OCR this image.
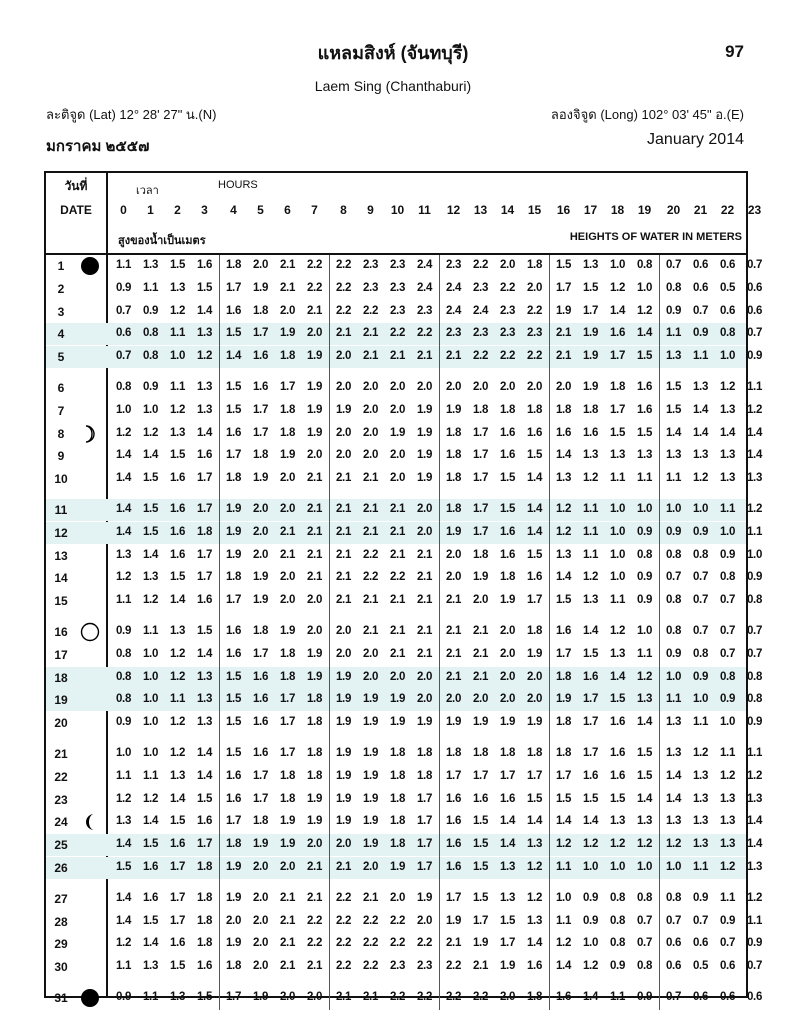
แหลมสิงห์ (จันทบุรี)	97
Laem Sing (Chanthaburi)
ละติจูด (Lat) 12° 28' 27" น.(N)	ลองจิจูด (Long) 102° 03' 45" อ.(E)
มกราคม ๒๕๕๗	January 2014
วันที่
DATE
เวลา	HOURS
สูงของน้ำเป็นเมตร	HEIGHTS OF WATER IN METERS
0	1	2	3	4	5	6	7	8	9	10	11	12	13	14	15	16	17	18	19	20	21	22	23
1	1.1	1.3	1.5	1.6	1.8	2.0	2.1	2.2	2.2	2.3	2.3	2.4	2.3	2.2	2.0	1.8	1.5	1.3	1.0	0.8	0.7	0.6	0.6	0.7
2	0.9	1.1	1.3	1.5	1.7	1.9	2.1	2.2	2.2	2.3	2.3	2.4	2.4	2.3	2.2	2.0	1.7	1.5	1.2	1.0	0.8	0.6	0.5	0.6
3	0.7	0.9	1.2	1.4	1.6	1.8	2.0	2.1	2.2	2.2	2.3	2.3	2.4	2.4	2.3	2.2	1.9	1.7	1.4	1.2	0.9	0.7	0.6	0.6
4	0.6	0.8	1.1	1.3	1.5	1.7	1.9	2.0	2.1	2.1	2.2	2.2	2.3	2.3	2.3	2.3	2.1	1.9	1.6	1.4	1.1	0.9	0.8	0.7
5	0.7	0.8	1.0	1.2	1.4	1.6	1.8	1.9	2.0	2.1	2.1	2.1	2.1	2.2	2.2	2.2	2.1	1.9	1.7	1.5	1.3	1.1	1.0	0.9
6	0.8	0.9	1.1	1.3	1.5	1.6	1.7	1.9	2.0	2.0	2.0	2.0	2.0	2.0	2.0	2.0	2.0	1.9	1.8	1.6	1.5	1.3	1.2	1.1
7	1.0	1.0	1.2	1.3	1.5	1.7	1.8	1.9	1.9	2.0	2.0	1.9	1.9	1.8	1.8	1.8	1.8	1.8	1.7	1.6	1.5	1.4	1.3	1.2
8	1.2	1.2	1.3	1.4	1.6	1.7	1.8	1.9	2.0	2.0	1.9	1.9	1.8	1.7	1.6	1.6	1.6	1.6	1.5	1.5	1.4	1.4	1.4	1.4
9	1.4	1.4	1.5	1.6	1.7	1.8	1.9	2.0	2.0	2.0	2.0	1.9	1.8	1.7	1.6	1.5	1.4	1.3	1.3	1.3	1.3	1.3	1.3	1.4
10	1.4	1.5	1.6	1.7	1.8	1.9	2.0	2.1	2.1	2.1	2.0	1.9	1.8	1.7	1.5	1.4	1.3	1.2	1.1	1.1	1.1	1.2	1.3	1.3
11	1.4	1.5	1.6	1.7	1.9	2.0	2.0	2.1	2.1	2.1	2.1	2.0	1.8	1.7	1.5	1.4	1.2	1.1	1.0	1.0	1.0	1.0	1.1	1.2
12	1.4	1.5	1.6	1.8	1.9	2.0	2.1	2.1	2.1	2.1	2.1	2.0	1.9	1.7	1.6	1.4	1.2	1.1	1.0	0.9	0.9	0.9	1.0	1.1
13	1.3	1.4	1.6	1.7	1.9	2.0	2.1	2.1	2.1	2.2	2.1	2.1	2.0	1.8	1.6	1.5	1.3	1.1	1.0	0.8	0.8	0.8	0.9	1.0
14	1.2	1.3	1.5	1.7	1.8	1.9	2.0	2.1	2.1	2.2	2.2	2.1	2.0	1.9	1.8	1.6	1.4	1.2	1.0	0.9	0.7	0.7	0.8	0.9
15	1.1	1.2	1.4	1.6	1.7	1.9	2.0	2.0	2.1	2.1	2.1	2.1	2.1	2.0	1.9	1.7	1.5	1.3	1.1	0.9	0.8	0.7	0.7	0.8
16	0.9	1.1	1.3	1.5	1.6	1.8	1.9	2.0	2.0	2.1	2.1	2.1	2.1	2.1	2.0	1.8	1.6	1.4	1.2	1.0	0.8	0.7	0.7	0.7
17	0.8	1.0	1.2	1.4	1.6	1.7	1.8	1.9	2.0	2.0	2.1	2.1	2.1	2.1	2.0	1.9	1.7	1.5	1.3	1.1	0.9	0.8	0.7	0.7
18	0.8	1.0	1.2	1.3	1.5	1.6	1.8	1.9	1.9	2.0	2.0	2.0	2.1	2.1	2.0	2.0	1.8	1.6	1.4	1.2	1.0	0.9	0.8	0.8
19	0.8	1.0	1.1	1.3	1.5	1.6	1.7	1.8	1.9	1.9	1.9	2.0	2.0	2.0	2.0	2.0	1.9	1.7	1.5	1.3	1.1	1.0	0.9	0.8
20	0.9	1.0	1.2	1.3	1.5	1.6	1.7	1.8	1.9	1.9	1.9	1.9	1.9	1.9	1.9	1.9	1.8	1.7	1.6	1.4	1.3	1.1	1.0	0.9
21	1.0	1.0	1.2	1.4	1.5	1.6	1.7	1.8	1.9	1.9	1.8	1.8	1.8	1.8	1.8	1.8	1.8	1.7	1.6	1.5	1.3	1.2	1.1	1.1
22	1.1	1.1	1.3	1.4	1.6	1.7	1.8	1.8	1.9	1.9	1.8	1.8	1.7	1.7	1.7	1.7	1.7	1.6	1.6	1.5	1.4	1.3	1.2	1.2
23	1.2	1.2	1.4	1.5	1.6	1.7	1.8	1.9	1.9	1.9	1.8	1.7	1.6	1.6	1.6	1.5	1.5	1.5	1.5	1.4	1.4	1.3	1.3	1.3
24	1.3	1.4	1.5	1.6	1.7	1.8	1.9	1.9	1.9	1.9	1.8	1.7	1.6	1.5	1.4	1.4	1.4	1.4	1.3	1.3	1.3	1.3	1.3	1.4
25	1.4	1.5	1.6	1.7	1.8	1.9	1.9	2.0	2.0	1.9	1.8	1.7	1.6	1.5	1.4	1.3	1.2	1.2	1.2	1.2	1.2	1.3	1.3	1.4
26	1.5	1.6	1.7	1.8	1.9	2.0	2.0	2.1	2.1	2.0	1.9	1.7	1.6	1.5	1.3	1.2	1.1	1.0	1.0	1.0	1.0	1.1	1.2	1.3
27	1.4	1.6	1.7	1.8	1.9	2.0	2.1	2.1	2.2	2.1	2.0	1.9	1.7	1.5	1.3	1.2	1.0	0.9	0.8	0.8	0.8	0.9	1.1	1.2
28	1.4	1.5	1.7	1.8	2.0	2.0	2.1	2.2	2.2	2.2	2.2	2.0	1.9	1.7	1.5	1.3	1.1	0.9	0.8	0.7	0.7	0.7	0.9	1.1
29	1.2	1.4	1.6	1.8	1.9	2.0	2.1	2.2	2.2	2.2	2.2	2.2	2.1	1.9	1.7	1.4	1.2	1.0	0.8	0.7	0.6	0.6	0.7	0.9
30	1.1	1.3	1.5	1.6	1.8	2.0	2.1	2.1	2.2	2.2	2.3	2.3	2.2	2.1	1.9	1.6	1.4	1.2	0.9	0.8	0.6	0.5	0.6	0.7
31	0.9	1.1	1.3	1.5	1.7	1.9	2.0	2.0	2.1	2.1	2.2	2.2	2.2	2.2	2.0	1.8	1.6	1.4	1.1	0.9	0.7	0.6	0.6	0.6
